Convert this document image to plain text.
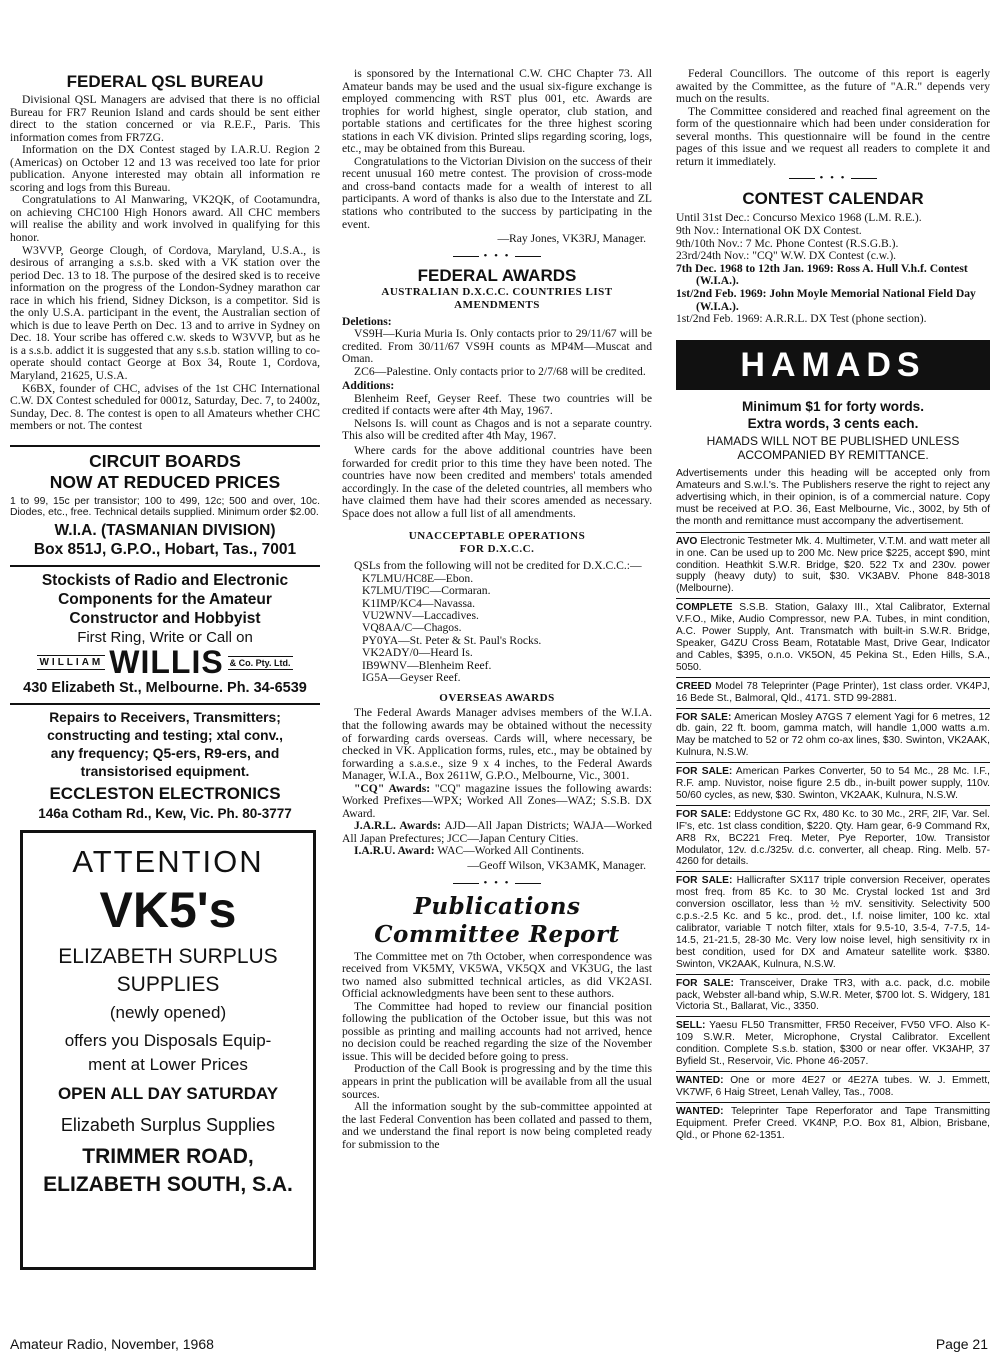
FEDERAL QSL BUREAU
Divisional QSL Managers are advised that there is no official Bureau for FR7 Reunion Island and cards should be sent either direct to the station concerned or via R.E.F., Paris. This information comes from FR7ZG.
Information on the DX Contest staged by I.A.R.U. Region 2 (Americas) on October 12 and 13 was received too late for prior publication. Anyone interested may obtain all information re scoring and logs from this Bureau.
Congratulations to Al Manwaring, VK2QK, of Cootamundra, on achieving CHC100 High Honors award. All CHC members will realise the ability and work involved in qualifying for this honor.
W3VVP, George Clough, of Cordova, Maryland, U.S.A., is desirous of arranging a s.s.b. sked with a VK station over the period Dec. 13 to 18. The purpose of the desired sked is to receive information on the progress of the London-Sydney marathon car race in which his friend, Sidney Dickson, is a competitor. Sid is the only U.S.A. participant in the event, the Australian section of which is due to leave Perth on Dec. 13 and to arrive in Sydney on Dec. 18. Your scribe has offered c.w. skeds to W3VVP, but as he is a s.s.b. addict it is suggested that any s.s.b. station willing to co-operate should contact George at Box 34, Route 1, Cordova, Maryland, 21625, U.S.A.
K6BX, founder of CHC, advises of the 1st CHC International C.W. DX Contest scheduled for 0001z, Saturday, Dec. 7, to 2400z, Sunday, Dec. 8. The contest is open to all Amateurs whether CHC members or not. The contest
CIRCUIT BOARDS
NOW AT REDUCED PRICES
1 to 99, 15c per transistor; 100 to 499, 12c; 500 and over, 10c. Diodes, etc., free. Technical details supplied. Minimum order $2.00.
W.I.A. (TASMANIAN DIVISION)
Box 851J, G.P.O., Hobart, Tas., 7001
Stockists of Radio and Electronic
Components for the Amateur
Constructor and Hobbyist
First Ring, Write or Call on
WILLIAM WILLIS & Co. Pty. Ltd.
430 Elizabeth St., Melbourne. Ph. 34-6539
Repairs to Receivers, Transmitters;
constructing and testing; xtal conv.,
any frequency; Q5-ers, R9-ers, and
transistorised equipment.
ECCLESTON ELECTRONICS
146a Cotham Rd., Kew, Vic. Ph. 80-3777
ATTENTION
VK5's
ELIZABETH SURPLUS
SUPPLIES
(newly opened)
offers you Disposals Equip-
ment at Lower Prices
OPEN ALL DAY SATURDAY
Elizabeth Surplus Supplies
TRIMMER ROAD,
ELIZABETH SOUTH, S.A.
is sponsored by the International C.W. CHC Chapter 73. All Amateur bands may be used and the usual six-figure exchange is employed commencing with RST plus 001, etc. Awards are trophies for world highest, single operator, club station, and portable stations and certificates for the three highest scoring stations in each VK division. Printed slips regarding scoring, logs, etc., may be obtained from this Bureau.
Congratulations to the Victorian Division on the success of their recent unusual 160 metre contest. The provision of cross-mode and cross-band contacts made for a wealth of interest to all participants. A word of thanks is also due to the Interstate and ZL stations who contributed to the success by participating in the event.
—Ray Jones, VK3RJ, Manager.
• • •
FEDERAL AWARDS
AUSTRALIAN D.X.C.C. COUNTRIES LIST
AMENDMENTS
Deletions:
VS9H—Kuria Muria Is. Only contacts prior to 29/11/67 will be credited. From 30/11/67 VS9H counts as MP4M—Muscat and Oman.
ZC6—Palestine. Only contacts prior to 2/7/68 will be credited.
Additions:
Blenheim Reef, Geyser Reef. These two countries will be credited if contacts were after 4th May, 1967.
Nelsons Is. will count as Chagos and is not a separate country. This also will be credited after 4th May, 1967.
Where cards for the above additional countries have been forwarded for credit prior to this time they have been noted. The countries have now been credited and members' totals amended accordingly. In the case of the deleted countries, all members who have claimed them have had their scores amended as necessary. Space does not allow a full list of all amendments.
UNACCEPTABLE OPERATIONS
FOR D.X.C.C.
QSLs from the following will not be credited for D.X.C.C.:—
K7LMU/HC8E—Ebon.
K7LMU/TI9C—Cormaran.
K1IMP/KC4—Navassa.
VU2WNV—Laccadives.
VQ8AA/C—Chagos.
PY0YA—St. Peter & St. Paul's Rocks.
VK2ADY/0—Heard Is.
IB9WNV—Blenheim Reef.
IG5A—Geyser Reef.
OVERSEAS AWARDS
The Federal Awards Manager advises members of the W.I.A. that the following awards may be obtained without the necessity of forwarding cards overseas. Cards will, where necessary, be checked in VK. Application forms, rules, etc., may be obtained by forwarding a s.a.s.e., size 9 x 4 inches, to the Federal Awards Manager, W.I.A., Box 2611W, G.P.O., Melbourne, Vic., 3001.
"CQ" Awards: "CQ" magazine issues the following awards: Worked Prefixes—WPX; Worked All Zones—WAZ; S.S.B. DX Award.
J.A.R.L. Awards: AJD—All Japan Districts; WAJA—Worked All Japan Prefectures; JCC—Japan Century Cities.
I.A.R.U. Award: WAC—Worked All Continents.
—Geoff Wilson, VK3AMK, Manager.
• • •
Publications Committee Report
The Committee met on 7th October, when correspondence was received from VK5MY, VK5WA, VK5QX and VK3UG, the last two named also submitted technical articles, as did VK2ASI. Official acknowledgments have been sent to these authors.
The Committee had hoped to review our financial position following the publication of the October issue, but this was not possible as printing and mailing accounts had not arrived, hence no decision could be reached regarding the size of the November issue. This will be decided before going to press.
Production of the Call Book is progressing and by the time this appears in print the publication will be available from all the usual sources.
All the information sought by the sub-committee appointed at the last Federal Convention has been collated and passed to them, and we understand the final report is now being completed ready for submission to the
Federal Councillors. The outcome of this report is eagerly awaited by the Committee, as the future of "A.R." depends very much on the results.
The Committee considered and reached final agreement on the form of the questionnaire which had been under consideration for several months. This questionnaire will be found in the centre pages of this issue and we request all readers to complete it and return it immediately.
• • •
CONTEST CALENDAR
Until 31st Dec.: Concurso Mexico 1968 (L.M. R.E.).
9th Nov.: International OK DX Contest.
9th/10th Nov.: 7 Mc. Phone Contest (R.S.G.B.).
23rd/24th Nov.: "CQ" W.W. DX Contest (c.w.).
7th Dec. 1968 to 12th Jan. 1969: Ross A. Hull V.h.f. Contest (W.I.A.).
1st/2nd Feb. 1969: John Moyle Memorial National Field Day (W.I.A.).
1st/2nd Feb. 1969: A.R.R.L. DX Test (phone section).
HAMADS
Minimum $1 for forty words.
Extra words, 3 cents each.
HAMADS WILL NOT BE PUBLISHED UNLESS
ACCOMPANIED BY REMITTANCE.
Advertisements under this heading will be accepted only from Amateurs and S.w.l.'s. The Publishers reserve the right to reject any advertising which, in their opinion, is of a commercial nature. Copy must be received at P.O. 36, East Melbourne, Vic., 3002, by 5th of the month and remittance must accompany the advertisement.
AVO Electronic Testmeter Mk. 4. Multimeter, V.T.M. and watt meter all in one. Can be used up to 200 Mc. New price $225, accept $90, mint condition. Heathkit S.W.R. Bridge, $20. 522 Tx and 230v. power supply (heavy duty) to suit, $30. VK3ABV. Phone 848-3018 (Melbourne).
COMPLETE S.S.B. Station, Galaxy III., Xtal Calibrator, External V.F.O., Mike, Audio Compressor, new P.A. Tubes, in mint condition, A.C. Power Supply, Ant. Transmatch with built-in S.W.R. Bridge, Speaker, G4ZU Cross Beam, Rotatable Mast, Drive Gear, Indicator and Cables, $395, o.n.o. VK5ON, 45 Pekina St., Eden Hills, S.A., 5050.
CREED Model 78 Teleprinter (Page Printer), 1st class order. VK4PJ, 16 Bede St., Balmoral, Qld., 4171. STD 99-2881.
FOR SALE: American Mosley A7GS 7 element Yagi for 6 metres, 12 db. gain, 22 ft. boom, gamma match, will handle 1,000 watts a.m. May be matched to 52 or 72 ohm co-ax lines, $30. Swinton, VK2AAK, Kulnura, N.S.W.
FOR SALE: American Parkes Converter, 50 to 54 Mc., 28 Mc. I.F., R.F. amp. Nuvistor, noise figure 2.5 db., in-built power supply, 110v. 50/60 cycles, as new, $30. Swinton, VK2AAK, Kulnura, N.S.W.
FOR SALE: Eddystone GC Rx, 480 Kc. to 30 Mc., 2RF, 2IF, Var. Sel. IF's, etc. 1st class condition, $220. Qty. Ham gear, 6-9 Command Rx, AR8 Rx, BC221 Freq. Meter, Pye Reporter, 10w. Transistor Modulator, 12v. d.c./325v. d.c. converter, all cheap. Ring. Melb. 57-4260 for details.
FOR SALE: Hallicrafter SX117 triple conversion Receiver, operates most freq. from 85 Kc. to 30 Mc. Crystal locked 1st and 3rd conversion oscillator, less than ½ mV. sensitivity. Selectivity 500 c.p.s.-2.5 Kc. and 5 kc., prod. det., I.f. noise limiter, 100 kc. xtal calibrator, variable T notch filter, xtals for 9.5-10, 3.5-4, 7-7.5, 14-14.5, 21-21.5, 28-30 Mc. Very low noise level, high sensitivity rx in best condition, used for DX and Amateur satellite work. $380. Swinton, VK2AAK, Kulnura, N.S.W.
FOR SALE: Transceiver, Drake TR3, with a.c. pack, d.c. mobile pack, Webster all-band whip, S.W.R. Meter, $700 lot. S. Widgery, 181 Victoria St., Ballarat, Vic., 3350.
SELL: Yaesu FL50 Transmitter, FR50 Receiver, FV50 VFO. Also K-109 S.W.R. Meter, Microphone, Crystal Calibrator. Excellent condition. Complete S.s.b. station, $300 or near offer. VK3AHP, 37 Byfield St., Reservoir, Vic. Phone 46-2057.
WANTED: One or more 4E27 or 4E27A tubes. W. J. Emmett, VK7WF, 6 Haig Street, Lenah Valley, Tas., 7008.
WANTED: Teleprinter Tape Reperforator and Tape Transmitting Equipment. Prefer Creed. VK4NP, P.O. Box 81, Albion, Brisbane, Qld., or Phone 62-1351.
Amateur Radio, November, 1968	Page 21
